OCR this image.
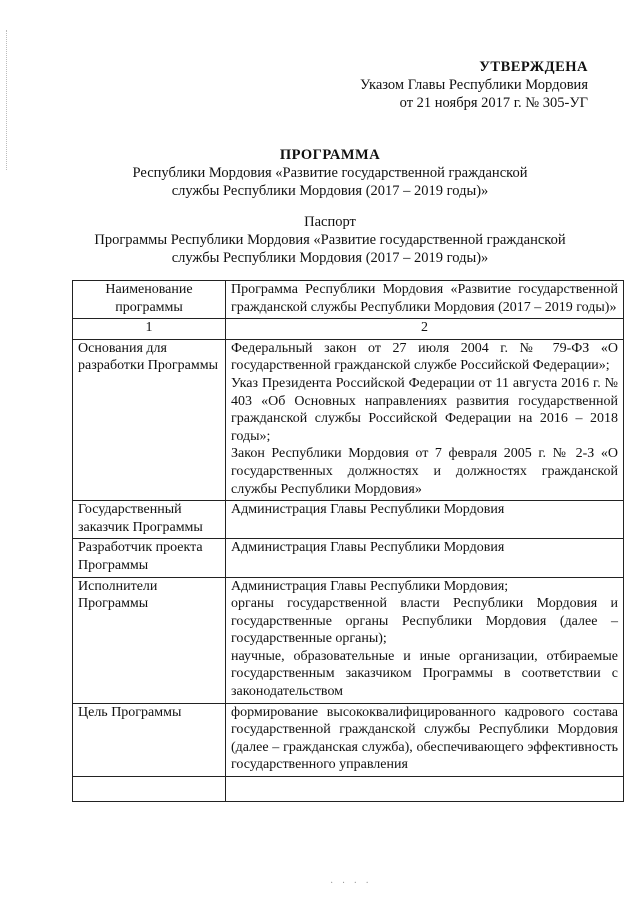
УТВЕРЖДЕНА
Указом Главы Республики Мордовия
от 21 ноября 2017 г. № 305-УГ
ПРОГРАММА
Республики Мордовия «Развитие государственной гражданской
службы Республики Мордовия (2017 – 2019 годы)»
Паспорт
Программы Республики Мордовия «Развитие государственной гражданской
службы Республики Мордовия (2017 – 2019 годы)»
Наименование программы	Программа Республики Мордовия «Развитие государственной гражданской службы Республики Мордовия (2017 – 2019 годы)»
1	2
Основания для разработки Программы	Федеральный закон от 27 июля 2004 г. № 79-ФЗ «О государственной гражданской службе Российской Федерации»;
Указ Президента Российской Федерации от 11 августа 2016 г. № 403 «Об Основных направлениях развития государственной гражданской службы Российской Федерации на 2016 – 2018 годы»;
Закон Республики Мордовия от 7 февраля 2005 г. № 2-З «О государственных должностях и должностях гражданской службы Республики Мордовия»

Государственный заказчик Программы	Администрация Главы Республики Мордовия

Разработчик проекта Программы	Администрация Главы Республики Мордовия

Исполнители Программы	Администрация Главы Республики Мордовия;
органы государственной власти Республики Мордовия и государственные органы Республики Мордовия (далее – государственные органы);
научные, образовательные и иные организации, отбираемые государственным заказчиком Программы в соответствии с законодательством

Цель Программы	формирование высококвалифицированного кадрового состава государственной гражданской службы Республики Мордовия (далее – гражданская служба), обеспечивающего эффективность государственного управления

· · · ·
